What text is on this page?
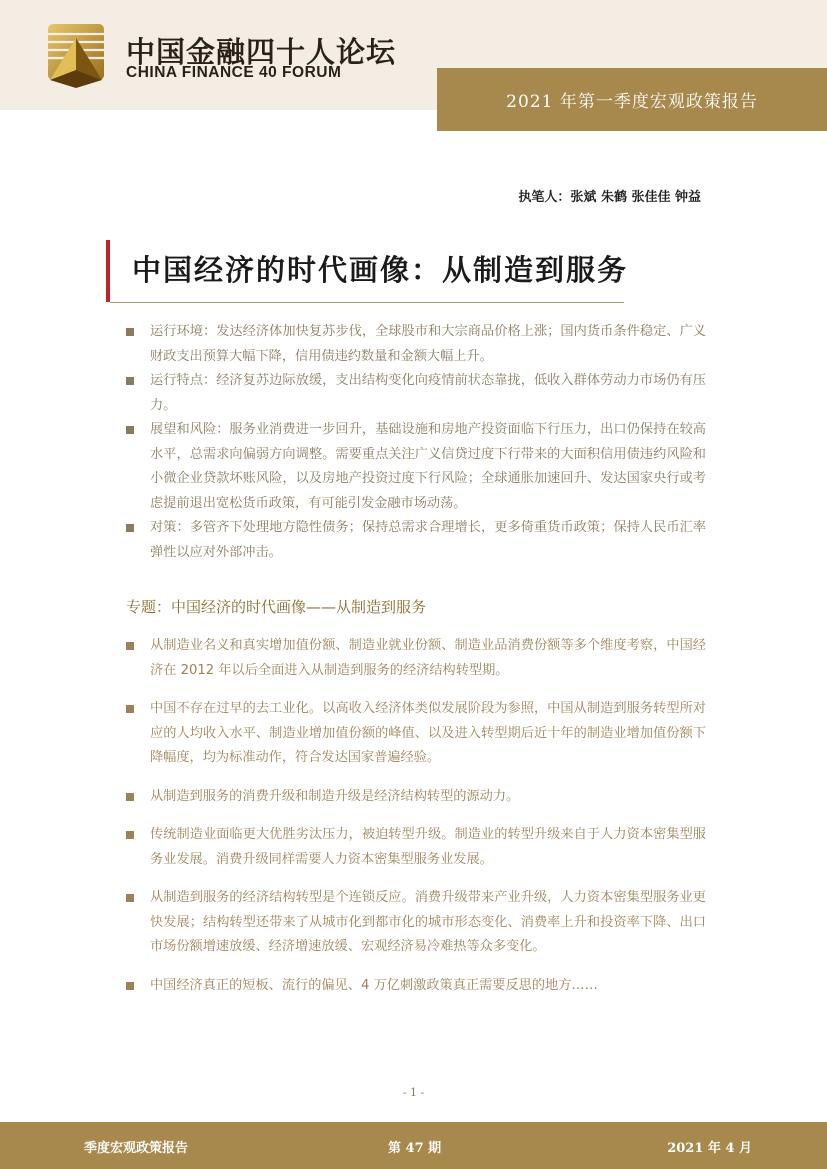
中国金融四十人论坛
CHINA FINANCE 40 FORUM
2021 年第一季度宏观政策报告
执笔人：张斌 朱鹤 张佳佳 钟益
中国经济的时代画像：从制造到服务
运行环境：发达经济体加快复苏步伐，全球股市和大宗商品价格上涨；国内货币条件稳定、广义财政支出预算大幅下降，信用债违约数量和金额大幅上升。
运行特点：经济复苏边际放缓，支出结构变化向疫情前状态靠拢，低收入群体劳动力市场仍有压力。
展望和风险：服务业消费进一步回升，基础设施和房地产投资面临下行压力，出口仍保持在较高水平，总需求向偏弱方向调整。需要重点关注广义信贷过度下行带来的大面积信用债违约风险和小微企业贷款坏账风险，以及房地产投资过度下行风险；全球通胀加速回升、发达国家央行或考虑提前退出宽松货币政策，有可能引发金融市场动荡。
对策：多管齐下处理地方隐性债务；保持总需求合理增长，更多倚重货币政策；保持人民币汇率弹性以应对外部冲击。
专题：中国经济的时代画像——从制造到服务
从制造业名义和真实增加值份额、制造业就业份额、制造业品消费份额等多个维度考察，中国经济在 2012 年以后全面进入从制造到服务的经济结构转型期。
中国不存在过早的去工业化。以高收入经济体类似发展阶段为参照，中国从制造到服务转型所对应的人均收入水平、制造业增加值份额的峰值、以及进入转型期后近十年的制造业增加值份额下降幅度，均为标准动作，符合发达国家普遍经验。
从制造到服务的消费升级和制造升级是经济结构转型的源动力。
传统制造业面临更大优胜劣汰压力，被迫转型升级。制造业的转型升级来自于人力资本密集型服务业发展。消费升级同样需要人力资本密集型服务业发展。
从制造到服务的经济结构转型是个连锁反应。消费升级带来产业升级，人力资本密集型服务业更快发展；结构转型还带来了从城市化到都市化的城市形态变化、消费率上升和投资率下降、出口市场份额增速放缓、经济增速放缓、宏观经济易冷难热等众多变化。
中国经济真正的短板、流行的偏见、4 万亿刺激政策真正需要反思的地方……
- 1 -
季度宏观政策报告	第 47 期	2021 年 4 月
